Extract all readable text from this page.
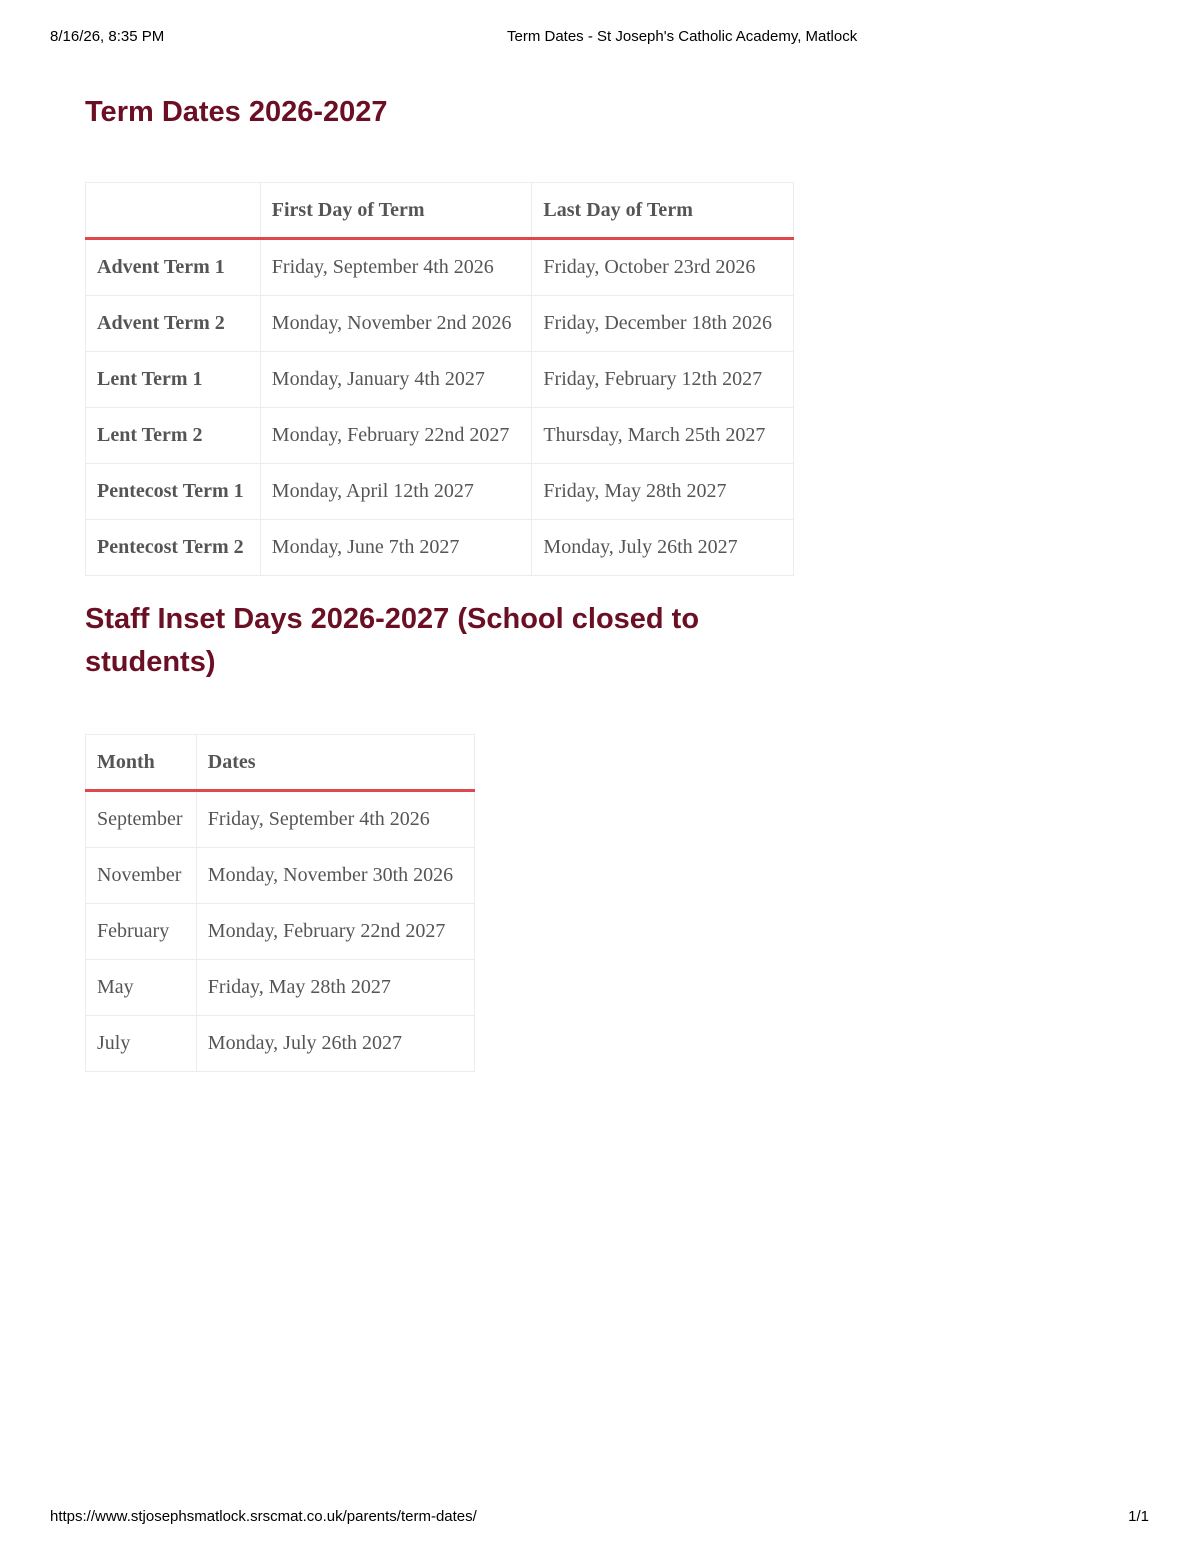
8/16/26, 8:35 PM	Term Dates - St Joseph's Catholic Academy, Matlock
Term Dates 2026-2027
	First Day of Term	Last Day of Term
Advent Term 1	Friday, September 4th 2026	Friday, October 23rd 2026
Advent Term 2	Monday, November 2nd 2026	Friday, December 18th 2026
Lent Term 1	Monday, January 4th 2027	Friday, February 12th 2027
Lent Term 2	Monday, February 22nd 2027	Thursday, March 25th 2027
Pentecost Term 1	Monday, April 12th 2027	Friday, May 28th 2027
Pentecost Term 2	Monday, June 7th 2027	Monday, July 26th 2027
Staff Inset Days 2026-2027 (School closed to students)
Month	Dates
September	Friday, September 4th 2026
November	Monday, November 30th 2026
February	Monday, February 22nd 2027
May	Friday, May 28th 2027
July	Monday, July 26th 2027
https://www.stjosephsmatlock.srscmat.co.uk/parents/term-dates/	1/1
